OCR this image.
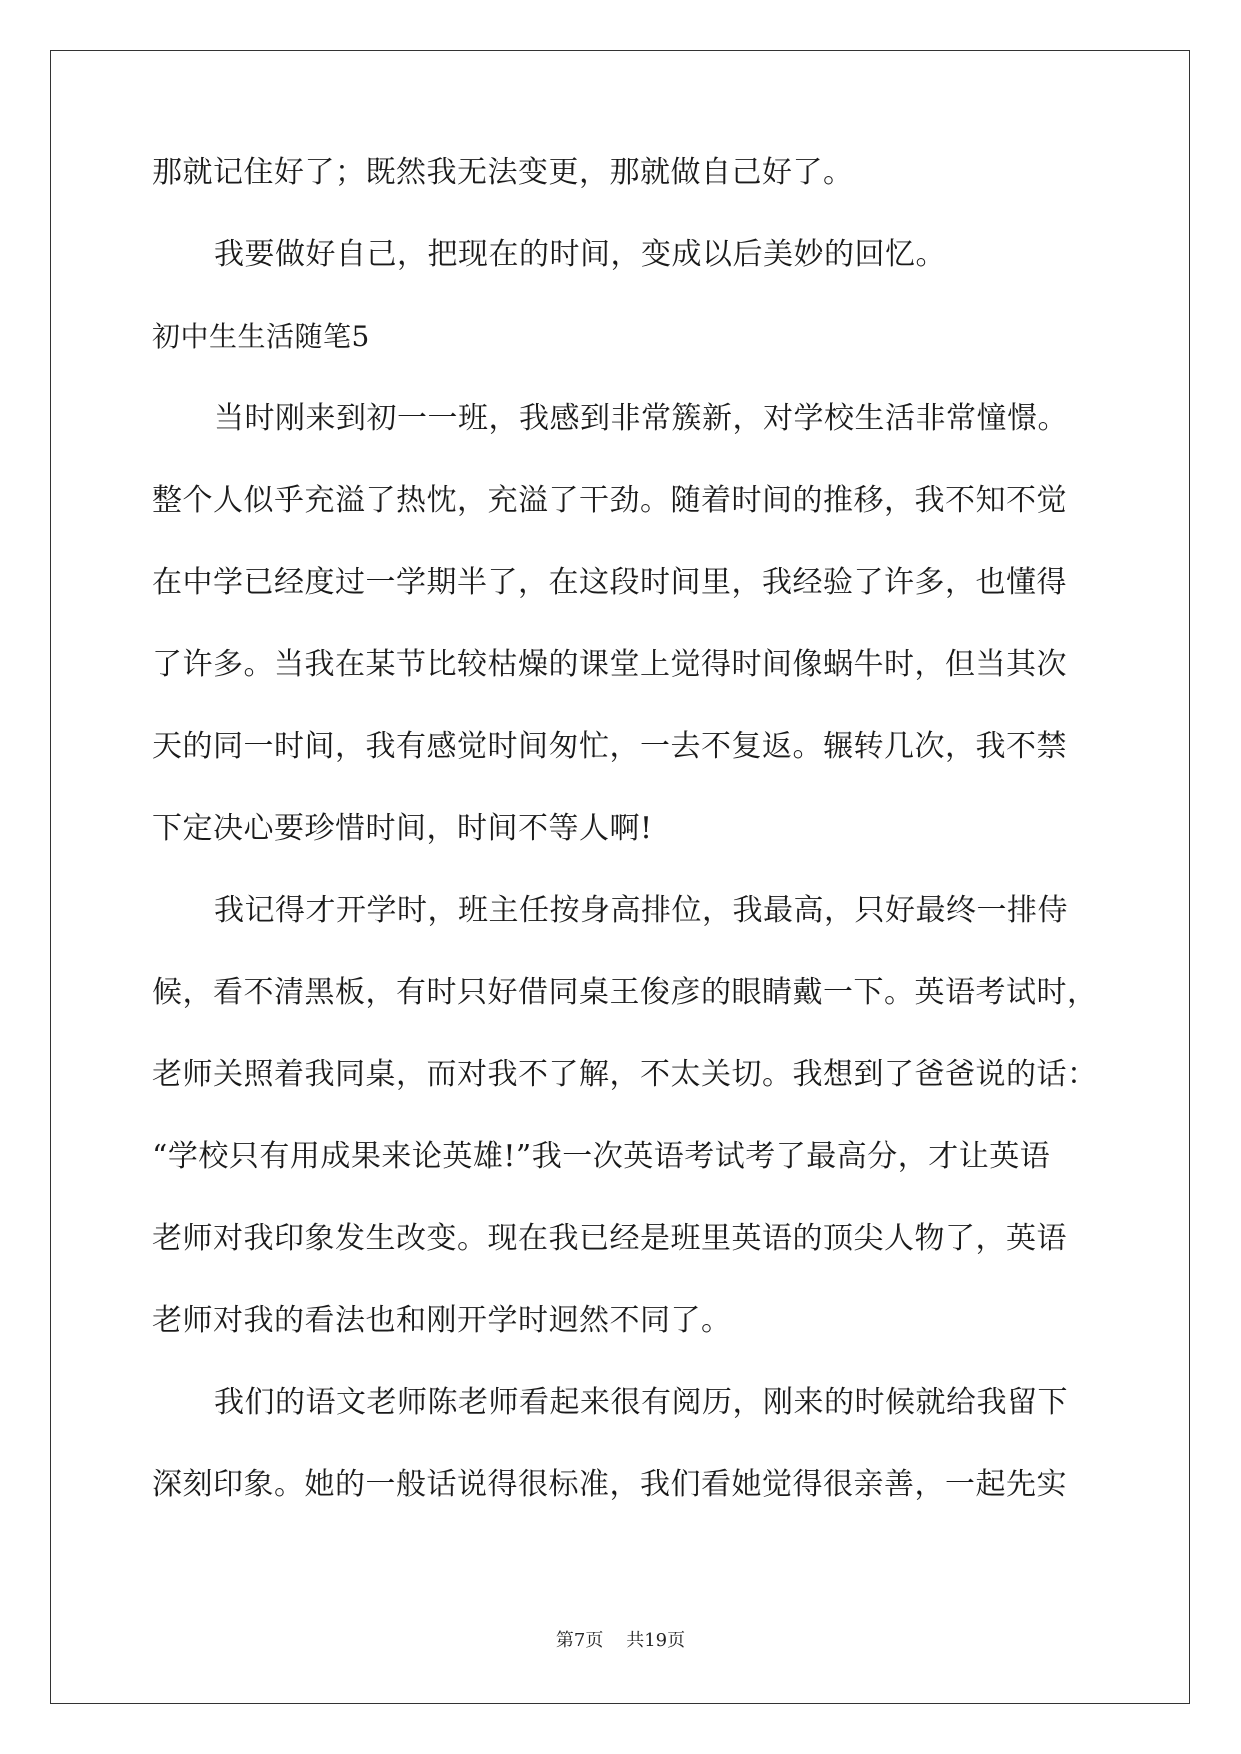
那就记住好了；既然我无法变更，那就做自己好了。
我要做好自己，把现在的时间，变成以后美妙的回忆。
初中生生活随笔5
当时刚来到初一一班，我感到非常簇新，对学校生活非常憧憬。
整个人似乎充溢了热忱，充溢了干劲。随着时间的推移，我不知不觉
在中学已经度过一学期半了，在这段时间里，我经验了许多，也懂得
了许多。当我在某节比较枯燥的课堂上觉得时间像蜗牛时，但当其次
天的同一时间，我有感觉时间匆忙，一去不复返。辗转几次，我不禁
下定决心要珍惜时间，时间不等人啊!
我记得才开学时，班主任按身高排位，我最高，只好最终一排侍
候，看不清黑板，有时只好借同桌王俊彦的眼睛戴一下。英语考试时，
老师关照着我同桌，而对我不了解，不太关切。我想到了爸爸说的话：
“学校只有用成果来论英雄!”我一次英语考试考了最高分，才让英语
老师对我印象发生改变。现在我已经是班里英语的顶尖人物了，英语
老师对我的看法也和刚开学时迥然不同了。
我们的语文老师陈老师看起来很有阅历，刚来的时候就给我留下
深刻印象。她的一般话说得很标准，我们看她觉得很亲善，一起先实
第7页 共19页
